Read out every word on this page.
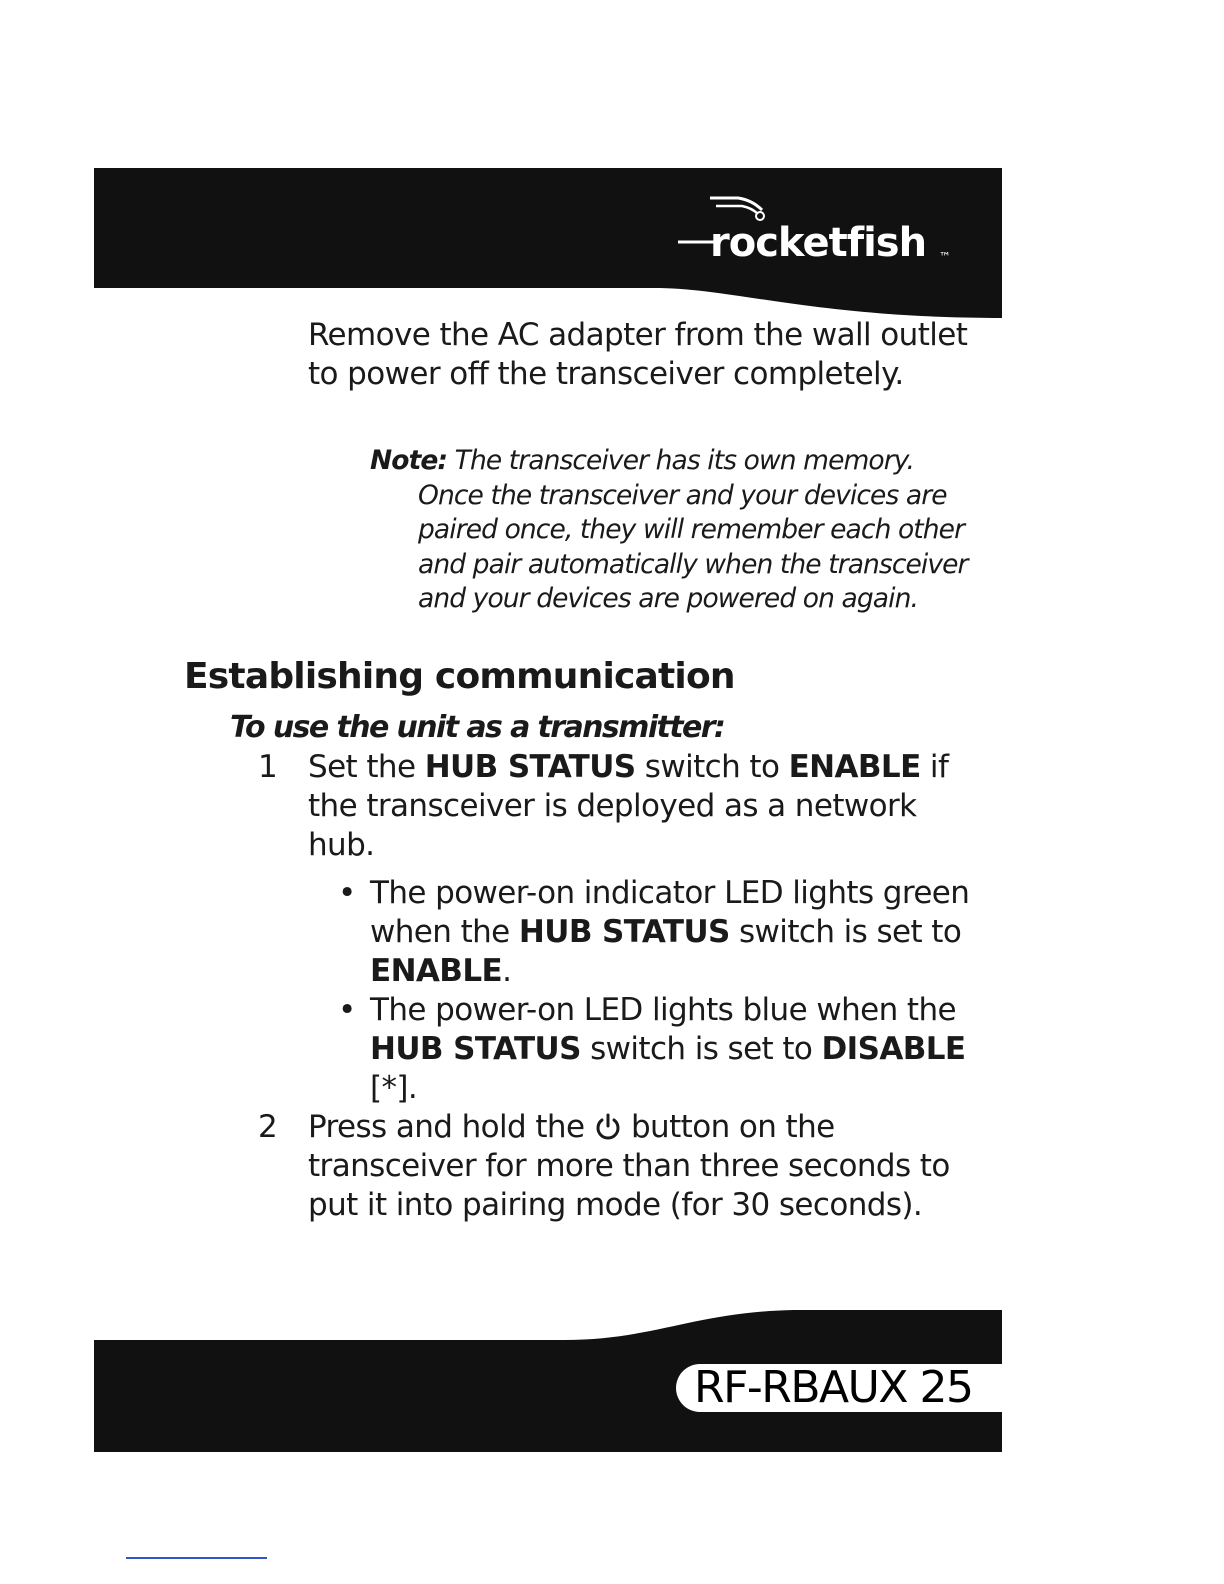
rocketfish ™
Remove the AC adapter from the wall outlet to power off the transceiver completely.
Note: The transceiver has its own memory.
Once the transceiver and your devices are paired once, they will remember each other and pair automatically when the transceiver and your devices are powered on again.
Establishing communication
To use the unit as a transmitter:
1 Set the HUB STATUS switch to ENABLE if the transceiver is deployed as a network hub.
• The power-on indicator LED lights green when the HUB STATUS switch is set to ENABLE.
• The power-on LED lights blue when the HUB STATUS switch is set to DISABLE [*].
2 Press and hold the  button on the transceiver for more than three seconds to put it into pairing mode (for 30 seconds).
RF-RBAUX 25
